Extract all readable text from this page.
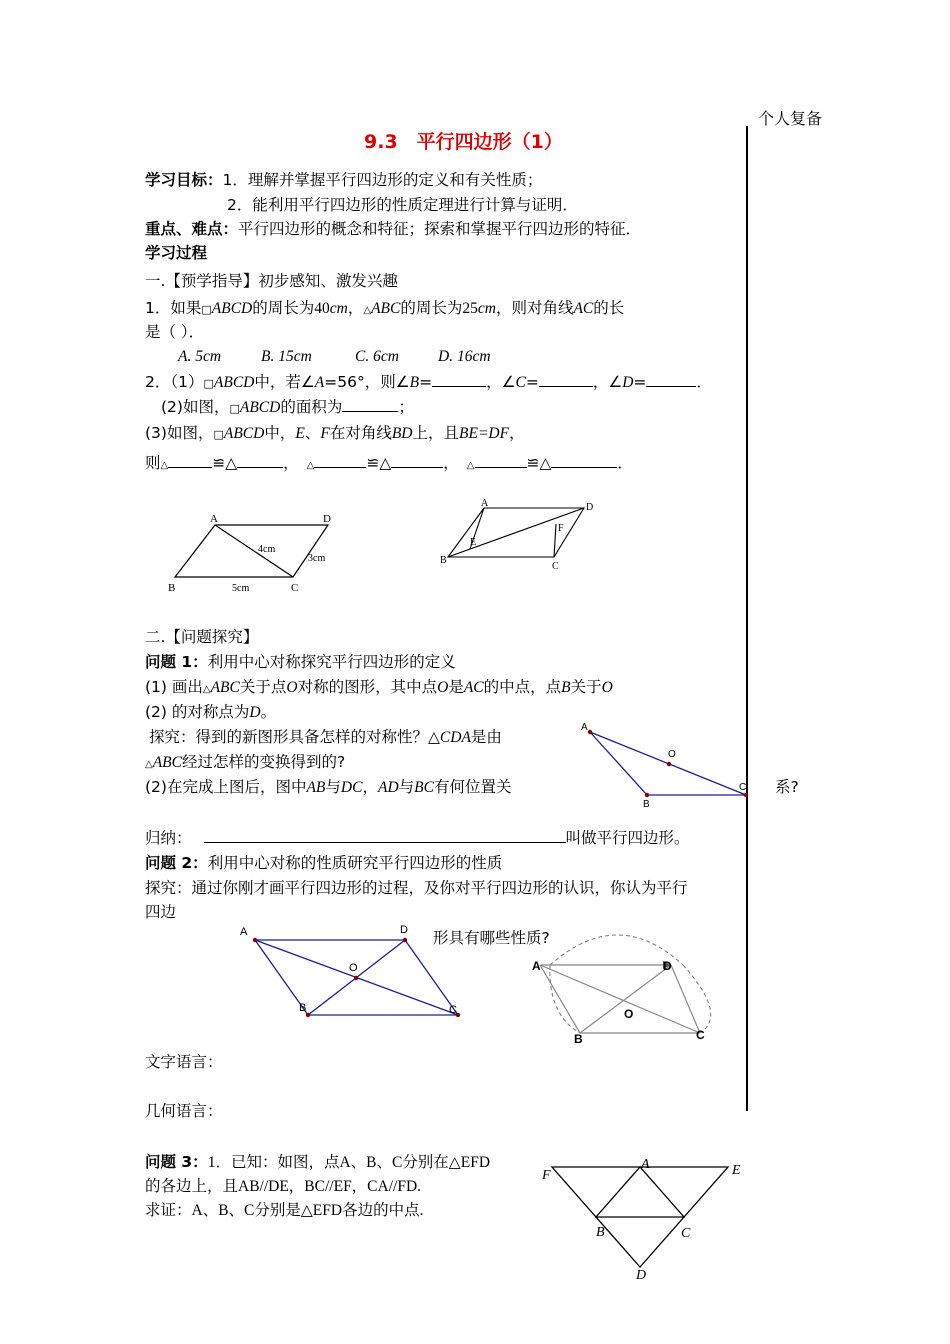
个人复备
9.3　平行四边形（1）
学习目标：1．理解并掌握平行四边形的定义和有关性质；
2．能利用平行四边形的性质定理进行计算与证明．
重点、难点：平行四边形的概念和特征；探索和掌握平行四边形的特征．
学习过程
一.【预学指导】初步感知、激发兴趣
1．如果□ABCD的周长为40cm，△ABC的周长为25cm，则对角线AC的长
是（ ）．
A. 5cm	B. 15cm	C. 6cm	D. 16cm
2．（1）□ABCD中，若∠A=56°，则∠B=	，∠C=	，∠D=	．
(2)如图，□ABCD的面积为	；
(3)如图，□ABCD中，E、F在对角线BD上，且BE=DF，
则△	≌△	， △	≌△	， △	≌△	．
A	D
B	C
4cm
3cm
5cm
A	D
B
C
E
F
二.【问题探究】
问题 1：利用中心对称探究平行四边形的定义
(1) 画出△ABC关于点O对称的图形，其中点O是AC的中点，点B关于O
(2) 的对称点为D。
探究：得到的新图形具备怎样的对称性？△CDA是由
△ABC经过怎样的变换得到的?
(2)在完成上图后，图中AB与DC，AD与BC有何位置关	系?
A
B
C
O
归纳：	叫做平行四边形。
问题 2：利用中心对称的性质研究平行四边形的性质
探究：通过你刚才画平行四边形的过程，及你对平行四边形的认识，你认为平行
四边
形具有哪些性质?
A	D
B	C
O	A	D
B	C
O
文字语言：
几何语言：
问题 3：1．已知：如图，点A、B、C分别在△EFD
的各边上，且AB//DE，BC//EF，CA//FD.
求证：A、B、C分别是△EFD各边的中点.
F
A	E
B	C
D
